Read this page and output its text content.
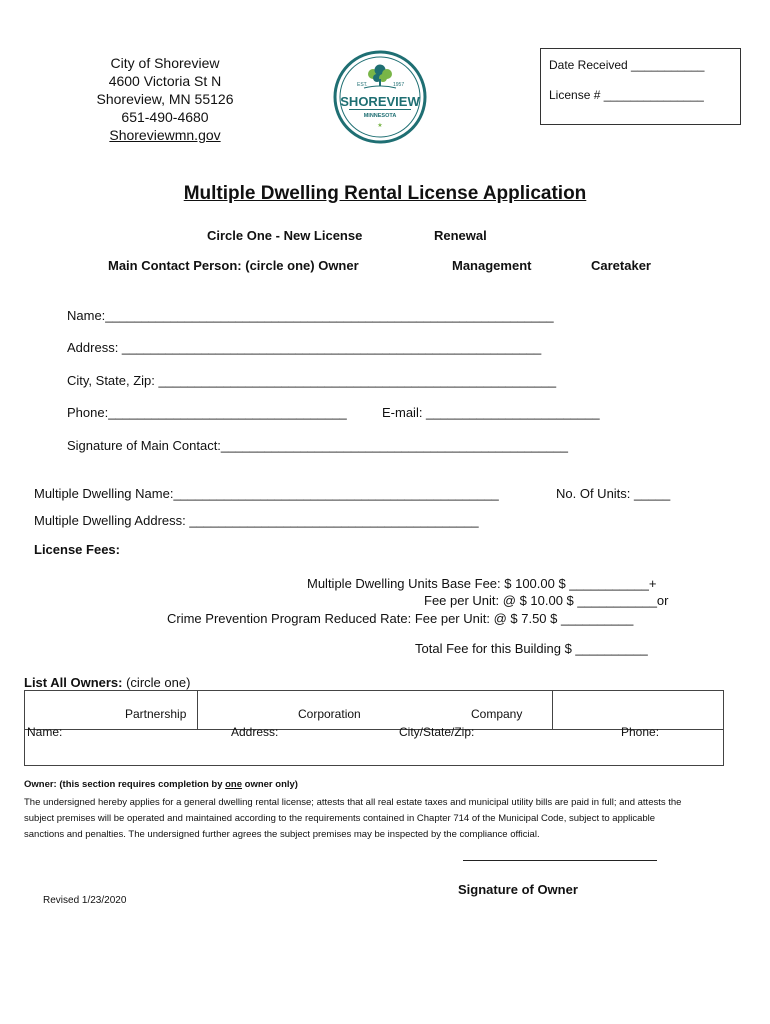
City of Shoreview
4600 Victoria St N
Shoreview, MN 55126
651-490-4680
Shoreviewmn.gov
EST.	1957
SHOREVIEW
MINNESOTA
★
Date Received ___________
License # _______________
Multiple Dwelling Rental License Application
Circle One - New License	Renewal
Main Contact Person: (circle one) Owner	Management	Caretaker
Name:______________________________________________________________
Address: __________________________________________________________
City, State, Zip: _______________________________________________________
Phone:_________________________________	E-mail: ________________________
Signature of Main Contact:________________________________________________
Multiple Dwelling Name:_____________________________________________	No. Of Units: _____
Multiple Dwelling Address: ________________________________________
License Fees:
Multiple Dwelling Units Base Fee: $ 100.00 $ ___________+
Fee per Unit: @ $ 10.00 $ ___________or
Crime Prevention Program Reduced Rate: Fee per Unit: @ $ 7.50 $ __________
Total Fee for this Building $ __________
List All Owners: (circle one)
Partnership	Corporation	Company
Name:	Address:	City/State/Zip:	Phone:
Owner: (this section requires completion by one owner only)
The undersigned hereby applies for a general dwelling rental license; attests that all real estate taxes and municipal utility bills are paid in full; and attests the
subject premises will be operated and maintained according to the requirements contained in Chapter 714 of the Municipal Code, subject to applicable
sanctions and penalties. The undersigned further agrees the subject premises may be inspected by the compliance official.
Signature of Owner
Revised 1/23/2020
